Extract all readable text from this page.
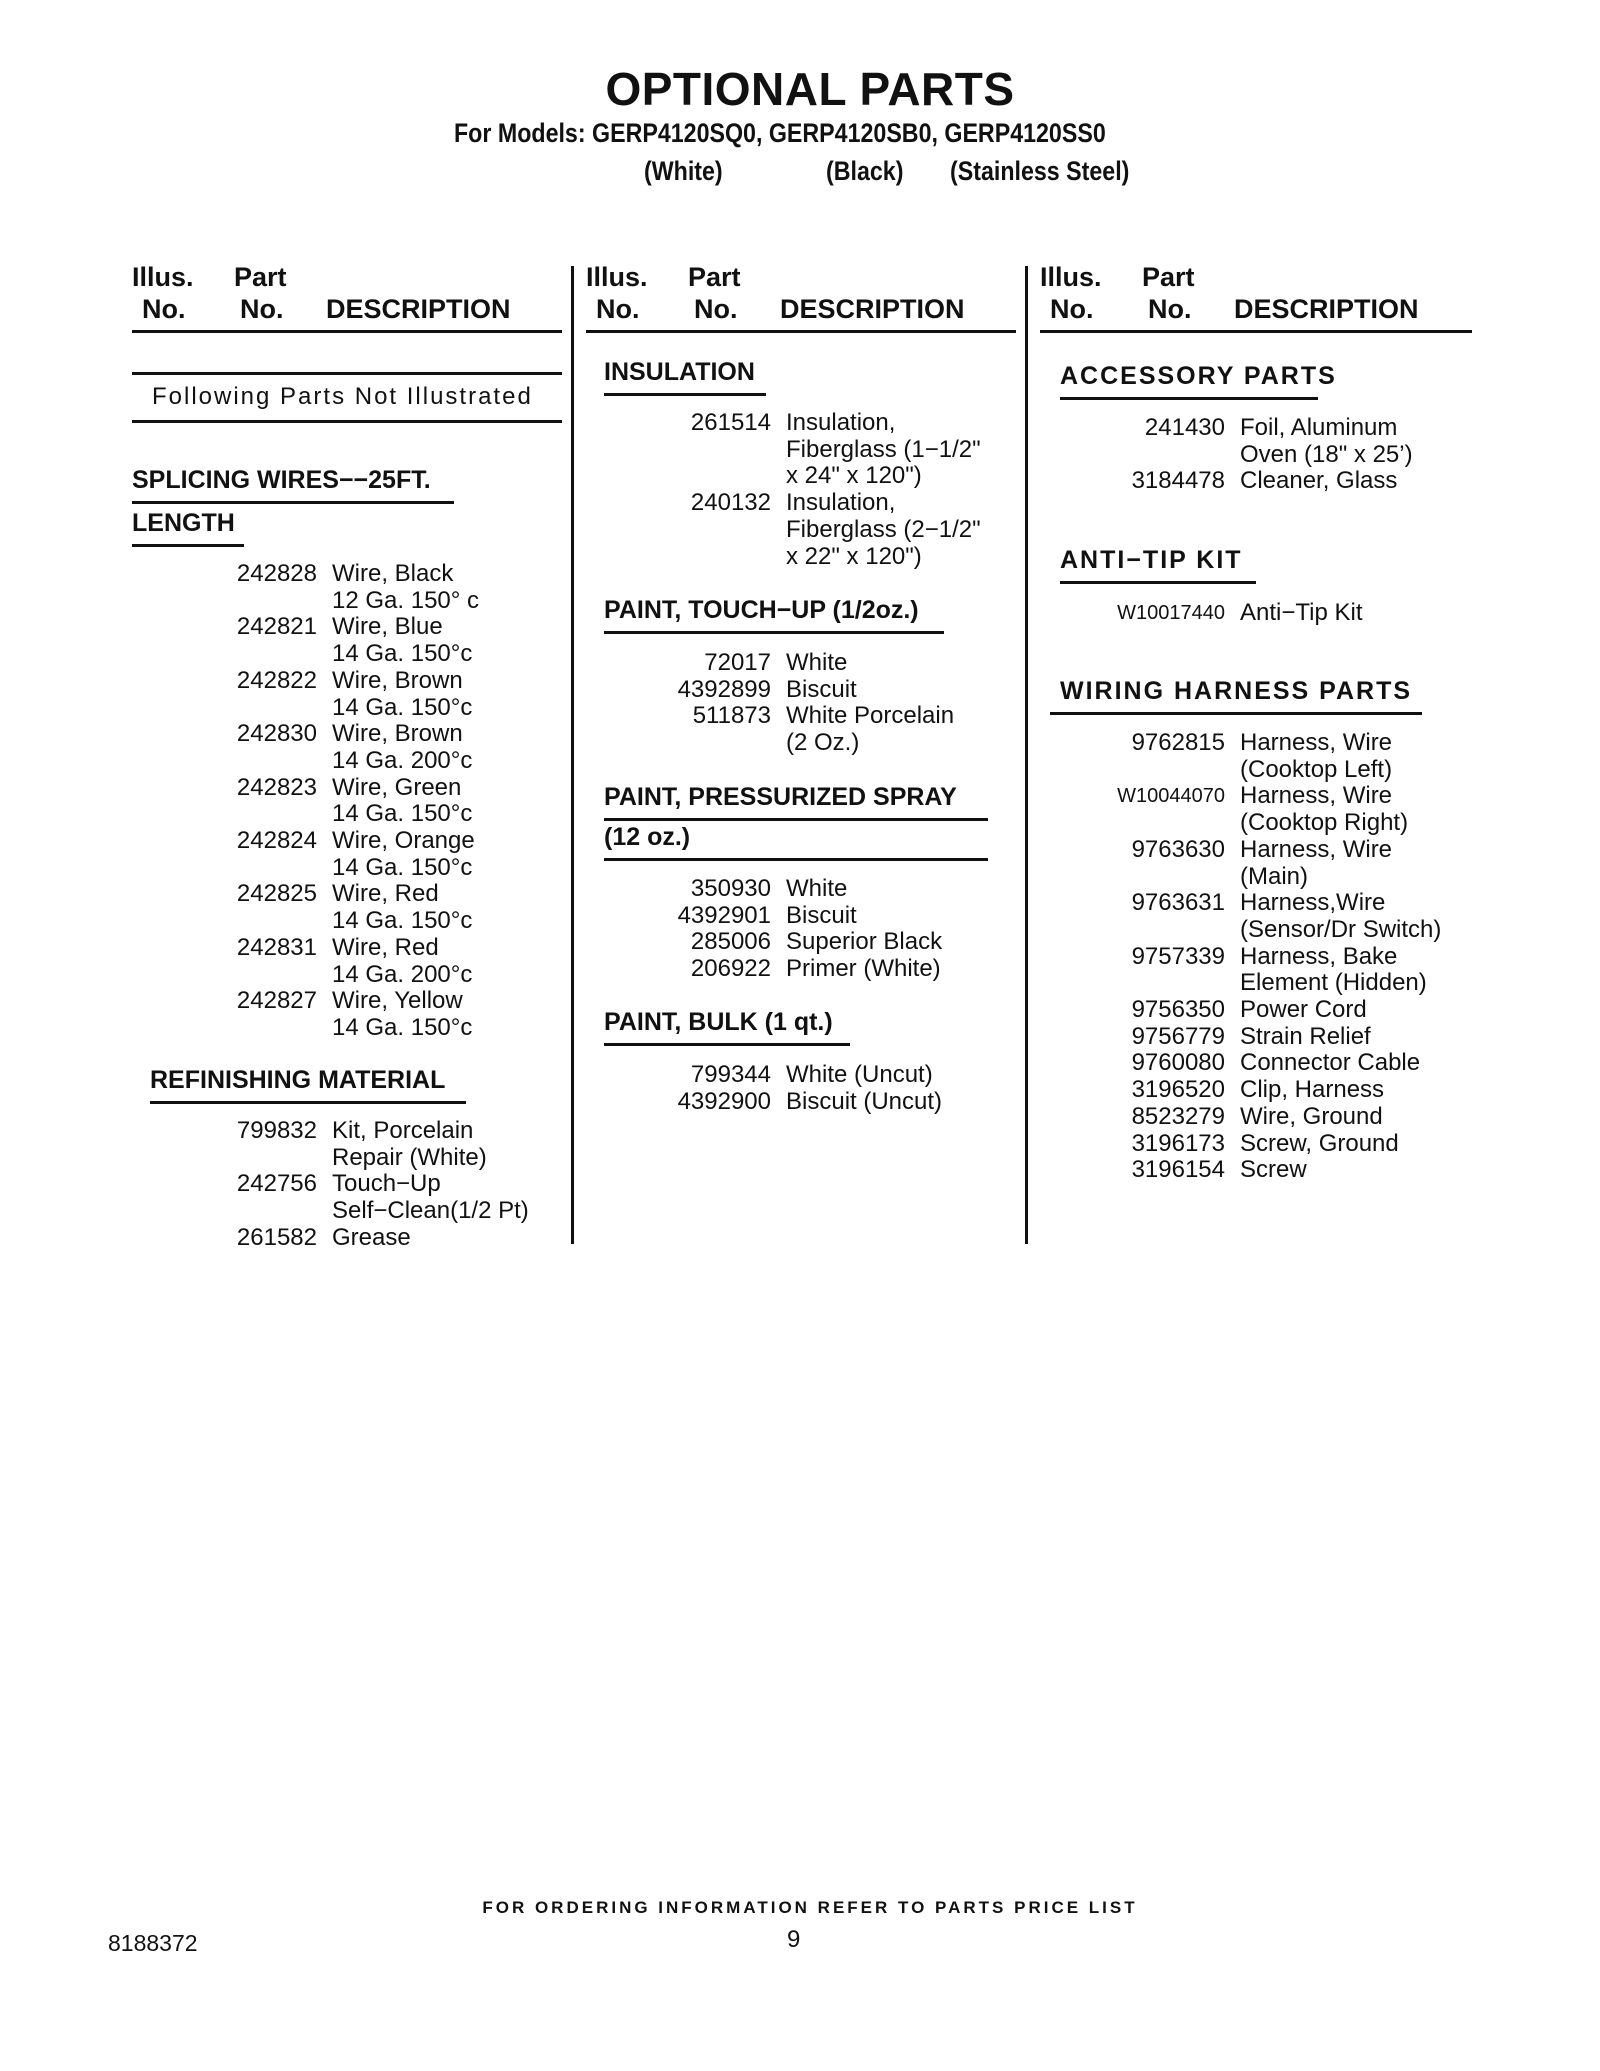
OPTIONAL PARTS
For Models: GERP4120SQ0, GERP4120SB0, GERP4120SS0
(White)	(Black) (Stainless Steel)
Illus. Part
No. No. DESCRIPTION
Illus. Part
No. No. DESCRIPTION
Illus. Part
No. No. DESCRIPTION
Following Parts Not Illustrated
SPLICING WIRES−−25FT.
LENGTH
242828 Wire, Black
12 Ga. 150° c
242821 Wire, Blue
14 Ga. 150°c
242822 Wire, Brown
14 Ga. 150°c
242830 Wire, Brown
14 Ga. 200°c
242823 Wire, Green
14 Ga. 150°c
242824 Wire, Orange
14 Ga. 150°c
242825 Wire, Red
14 Ga. 150°c
242831 Wire, Red
14 Ga. 200°c
242827 Wire, Yellow
14 Ga. 150°c
REFINISHING MATERIAL
799832 Kit, Porcelain
Repair (White)
242756 Touch−Up
Self−Clean(1/2 Pt)
261582 Grease
INSULATION
261514 Insulation,
Fiberglass (1−1/2"
x 24" x 120")
240132 Insulation,
Fiberglass (2−1/2"
x 22" x 120")
PAINT, TOUCH−UP (1/2oz.)
72017 White
4392899 Biscuit
511873 White Porcelain
(2 Oz.)
PAINT, PRESSURIZED SPRAY
(12 oz.)
350930 White
4392901 Biscuit
285006 Superior Black
206922 Primer (White)
PAINT, BULK (1 qt.)
799344 White (Uncut)
4392900 Biscuit (Uncut)
ACCESSORY PARTS
241430 Foil, Aluminum
Oven (18" x 25’)
3184478 Cleaner, Glass
ANTI−TIP KIT
W10017440 Anti−Tip Kit
WIRING HARNESS PARTS
9762815 Harness, Wire
(Cooktop Left)
W10044070 Harness, Wire
(Cooktop Right)
9763630 Harness, Wire
(Main)
9763631 Harness,Wire
(Sensor/Dr Switch)
9757339 Harness, Bake
Element (Hidden)
9756350 Power Cord
9756779 Strain Relief
9760080 Connector Cable
3196520 Clip, Harness
8523279 Wire, Ground
3196173 Screw, Ground
3196154 Screw
FOR ORDERING INFORMATION REFER TO PARTS PRICE LIST
8188372	9
